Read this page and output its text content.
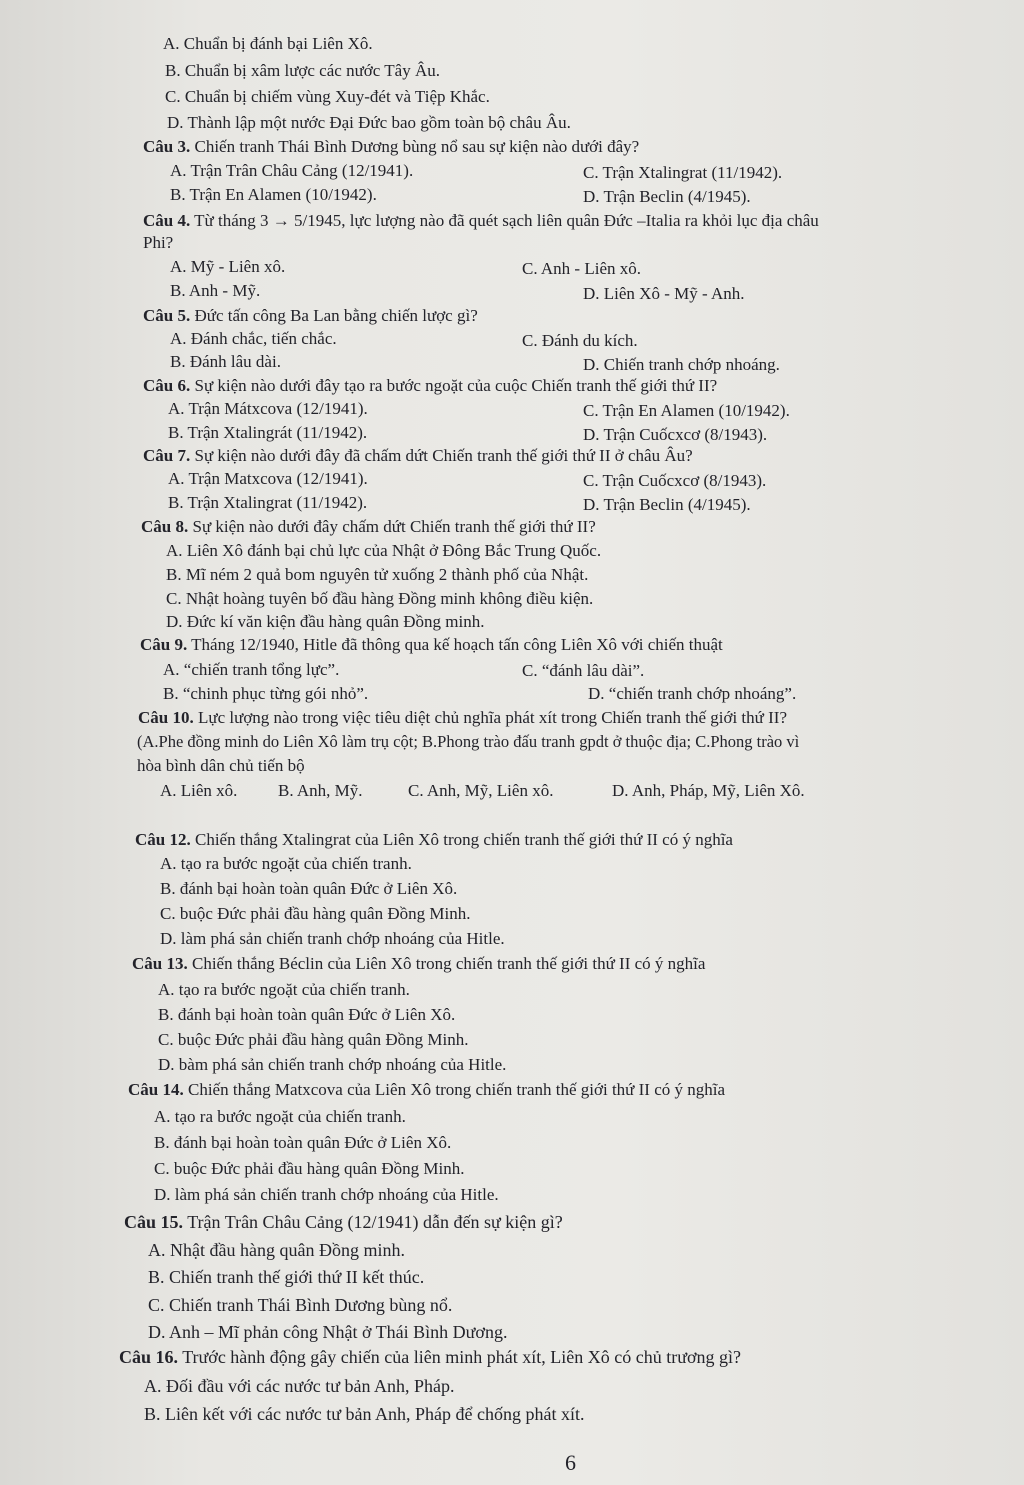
A. Chuẩn bị đánh bại Liên Xô.
B. Chuẩn bị xâm lược các nước Tây Âu.
C. Chuẩn bị chiếm vùng Xuy-đét và Tiệp Khắc.
D. Thành lập một nước Đại Đức bao gồm toàn bộ châu Âu.
Câu 3. Chiến tranh Thái Bình Dương bùng nổ sau sự kiện nào dưới đây?
A. Trận Trân Châu Cảng (12/1941).	C. Trận Xtalingrat (11/1942).
B. Trận En Alamen (10/1942).	D. Trận Beclin (4/1945).
Câu 4. Từ tháng 3 → 5/1945, lực lượng nào đã quét sạch liên quân Đức –Italia ra khỏi lục địa châu
Phi?
A. Mỹ - Liên xô.	C. Anh - Liên xô.
B. Anh - Mỹ.	D. Liên Xô - Mỹ - Anh.
Câu 5. Đức tấn công Ba Lan bằng chiến lược gì?
A. Đánh chắc, tiến chắc.	C. Đánh du kích.
B. Đánh lâu dài.	D. Chiến tranh chớp nhoáng.
Câu 6. Sự kiện nào dưới đây tạo ra bước ngoặt của cuộc Chiến tranh thế giới thứ II?
A. Trận Mátxcova (12/1941).	C. Trận En Alamen (10/1942).
B. Trận Xtalingrát (11/1942).	D. Trận Cuốcxcơ (8/1943).
Câu 7. Sự kiện nào dưới đây đã chấm dứt Chiến tranh thế giới thứ II ở châu Âu?
A. Trận Matxcova (12/1941).	C. Trận Cuốcxcơ (8/1943).
B. Trận Xtalingrat (11/1942).	D. Trận Beclin (4/1945).
Câu 8. Sự kiện nào dưới đây chấm dứt Chiến tranh thế giới thứ II?
A. Liên Xô đánh bại chủ lực của Nhật ở Đông Bắc Trung Quốc.
B. Mĩ ném 2 quả bom nguyên tử xuống 2 thành phố của Nhật.
C. Nhật hoàng tuyên bố đầu hàng Đồng minh không điều kiện.
D. Đức kí văn kiện đầu hàng quân Đồng minh.
Câu 9. Tháng 12/1940, Hitle đã thông qua kế hoạch tấn công Liên Xô với chiến thuật
A. “chiến tranh tổng lực”.	C. “đánh lâu dài”.
B. “chinh phục từng gói nhỏ”.	D. “chiến tranh chớp nhoáng”.
Câu 10. Lực lượng nào trong việc tiêu diệt chủ nghĩa phát xít trong Chiến tranh thế giới thứ II?
(A.Phe đồng minh do Liên Xô làm trụ cột; B.Phong trào đấu tranh gpdt ở thuộc địa; C.Phong trào vì
hòa bình dân chủ tiến bộ
A. Liên xô. B. Anh, Mỹ.	C. Anh, Mỹ, Liên xô.	D. Anh, Pháp, Mỹ, Liên Xô.
Câu 12. Chiến thắng Xtalingrat của Liên Xô trong chiến tranh thế giới thứ II có ý nghĩa
A. tạo ra bước ngoặt của chiến tranh.
B. đánh bại hoàn toàn quân Đức ở Liên Xô.
C. buộc Đức phải đầu hàng quân Đồng Minh.
D. làm phá sản chiến tranh chớp nhoáng của Hitle.
Câu 13. Chiến thắng Béclin của Liên Xô trong chiến tranh thế giới thứ II có ý nghĩa
A. tạo ra bước ngoặt của chiến tranh.
B. đánh bại hoàn toàn quân Đức ở Liên Xô.
C. buộc Đức phải đầu hàng quân Đồng Minh.
D. bàm phá sản chiến tranh chớp nhoáng của Hitle.
Câu 14. Chiến thắng Matxcova của Liên Xô trong chiến tranh thế giới thứ II có ý nghĩa
A. tạo ra bước ngoặt của chiến tranh.
B. đánh bại hoàn toàn quân Đức ở Liên Xô.
C. buộc Đức phải đầu hàng quân Đồng Minh.
D. làm phá sản chiến tranh chớp nhoáng của Hitle.
Câu 15. Trận Trân Châu Cảng (12/1941) dẫn đến sự kiện gì?
A. Nhật đầu hàng quân Đồng minh.
B. Chiến tranh thế giới thứ II kết thúc.
C. Chiến tranh Thái Bình Dương bùng nổ.
D. Anh – Mĩ phản công Nhật ở Thái Bình Dương.
Câu 16. Trước hành động gây chiến của liên minh phát xít, Liên Xô có chủ trương gì?
A. Đối đầu với các nước tư bản Anh, Pháp.
B. Liên kết với các nước tư bản Anh, Pháp để chống phát xít.
6
